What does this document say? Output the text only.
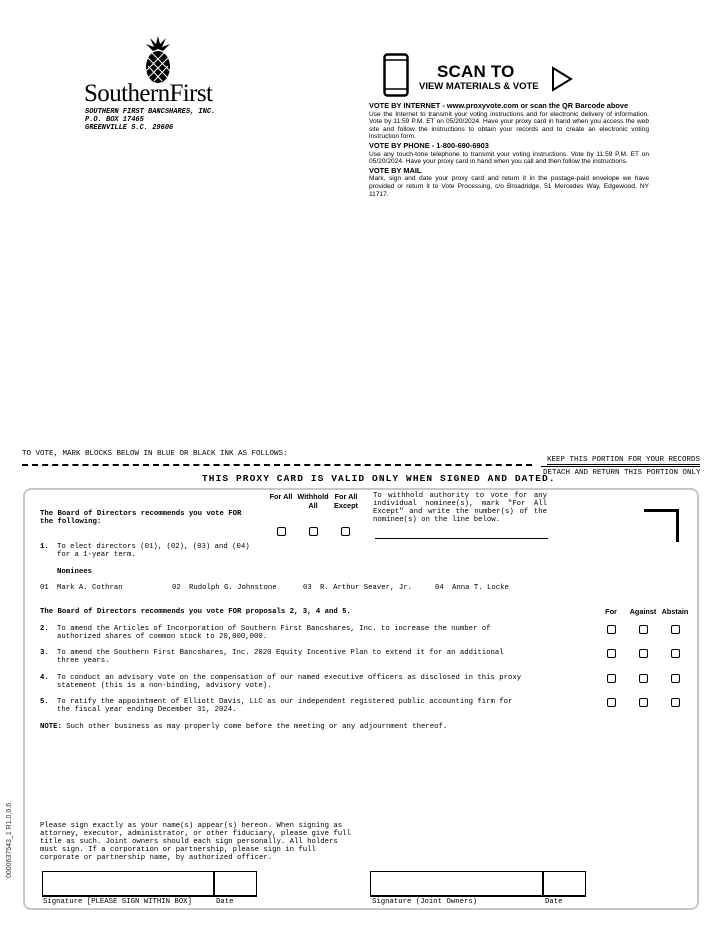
SouthernFirst
SOUTHERN FIRST BANCSHARES, INC.
P.O. BOX 17465
GREENVILLE S.C. 29606
SCAN TO
VIEW MATERIALS & VOTE
VOTE BY INTERNET - www.proxyvote.com or scan the QR Barcode above
Use the Internet to transmit your voting instructions and for electronic delivery of information. Vote by 11:59 P.M. ET on 05/20/2024. Have your proxy card in hand when you access the web site and follow the instructions to obtain your records and to create an electronic voting instruction form.
VOTE BY PHONE - 1-800-690-6903
Use any touch-tone telephone to transmit your voting instructions. Vote by 11:59 P.M. ET on 05/20/2024. Have your proxy card in hand when you call and then follow the instructions.
VOTE BY MAIL
Mark, sign and date your proxy card and return it in the postage-paid envelope we have provided or return it to Vote Processing, c/o Broadridge, 51 Mercedes Way, Edgewood, NY 11717.
TO VOTE, MARK BLOCKS BELOW IN BLUE OR BLACK INK AS FOLLOWS:
KEEP THIS PORTION FOR YOUR RECORDS
DETACH AND RETURN THIS PORTION ONLY
THIS PROXY CARD IS VALID ONLY WHEN SIGNED AND DATED.
0000637543_1 R1.0.0.6
The Board of Directors recommends you vote FOR the following:
For All Withhold All
For All Except
To withhold authority to vote for any individual nominee(s), mark "For All Except" and write the number(s) of the nominee(s) on the line below.
1. To elect directors (01), (02), (03) and (04) for a 1-year term.
Nominees
01 Mark A. Cothran	02 Rudolph G. Johnstone	03 R. Arthur Seaver, Jr.	04 Anna T. Locke
The Board of Directors recommends you vote FOR proposals 2, 3, 4 and 5.	For	Against Abstain
2. To amend the Articles of Incorporation of Southern First Bancshares, Inc. to increase the number of authorized shares of common stock to 20,000,000.
3. To amend the Southern First Bancshares, Inc. 2020 Equity Incentive Plan to extend it for an additional three years.
4. To conduct an advisory vote on the compensation of our named executive officers as disclosed in this proxy statement (this is a non-binding, advisory vote).
5. To ratify the appointment of Elliott Davis, LLC as our independent registered public accounting firm for the fiscal year ending December 31, 2024.
NOTE: Such other business as may properly come before the meeting or any adjournment thereof.
Please sign exactly as your name(s) appear(s) hereon. When signing as attorney, executor, administrator, or other fiduciary, please give full title as such. Joint owners should each sign personally. All holders must sign. If a corporation or partnership, please sign in full corporate or partnership name, by authorized officer.
Signature [PLEASE SIGN WITHIN BOX]	Date	Signature (Joint Owners)	Date
